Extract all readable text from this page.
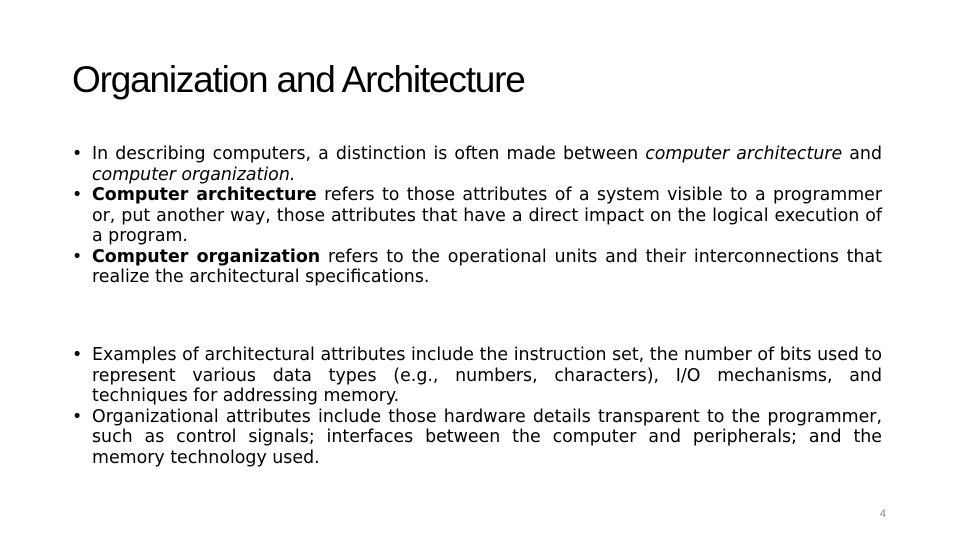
Organization and Architecture
• In describing computers, a distinction is often made between computer architecture and computer organization.
• Computer architecture refers to those attributes of a system visible to a programmer or, put another way, those attributes that have a direct impact on the logical execution of a program.
• Computer organization refers to the operational units and their interconnections that realize the architectural specifications.
• Examples of architectural attributes include the instruction set, the number of bits used to represent various data types (e.g., numbers, characters), I/O mechanisms, and techniques for addressing memory.
• Organizational attributes include those hardware details transparent to the programmer, such as control signals; interfaces between the computer and peripherals; and the memory technology used.
4
